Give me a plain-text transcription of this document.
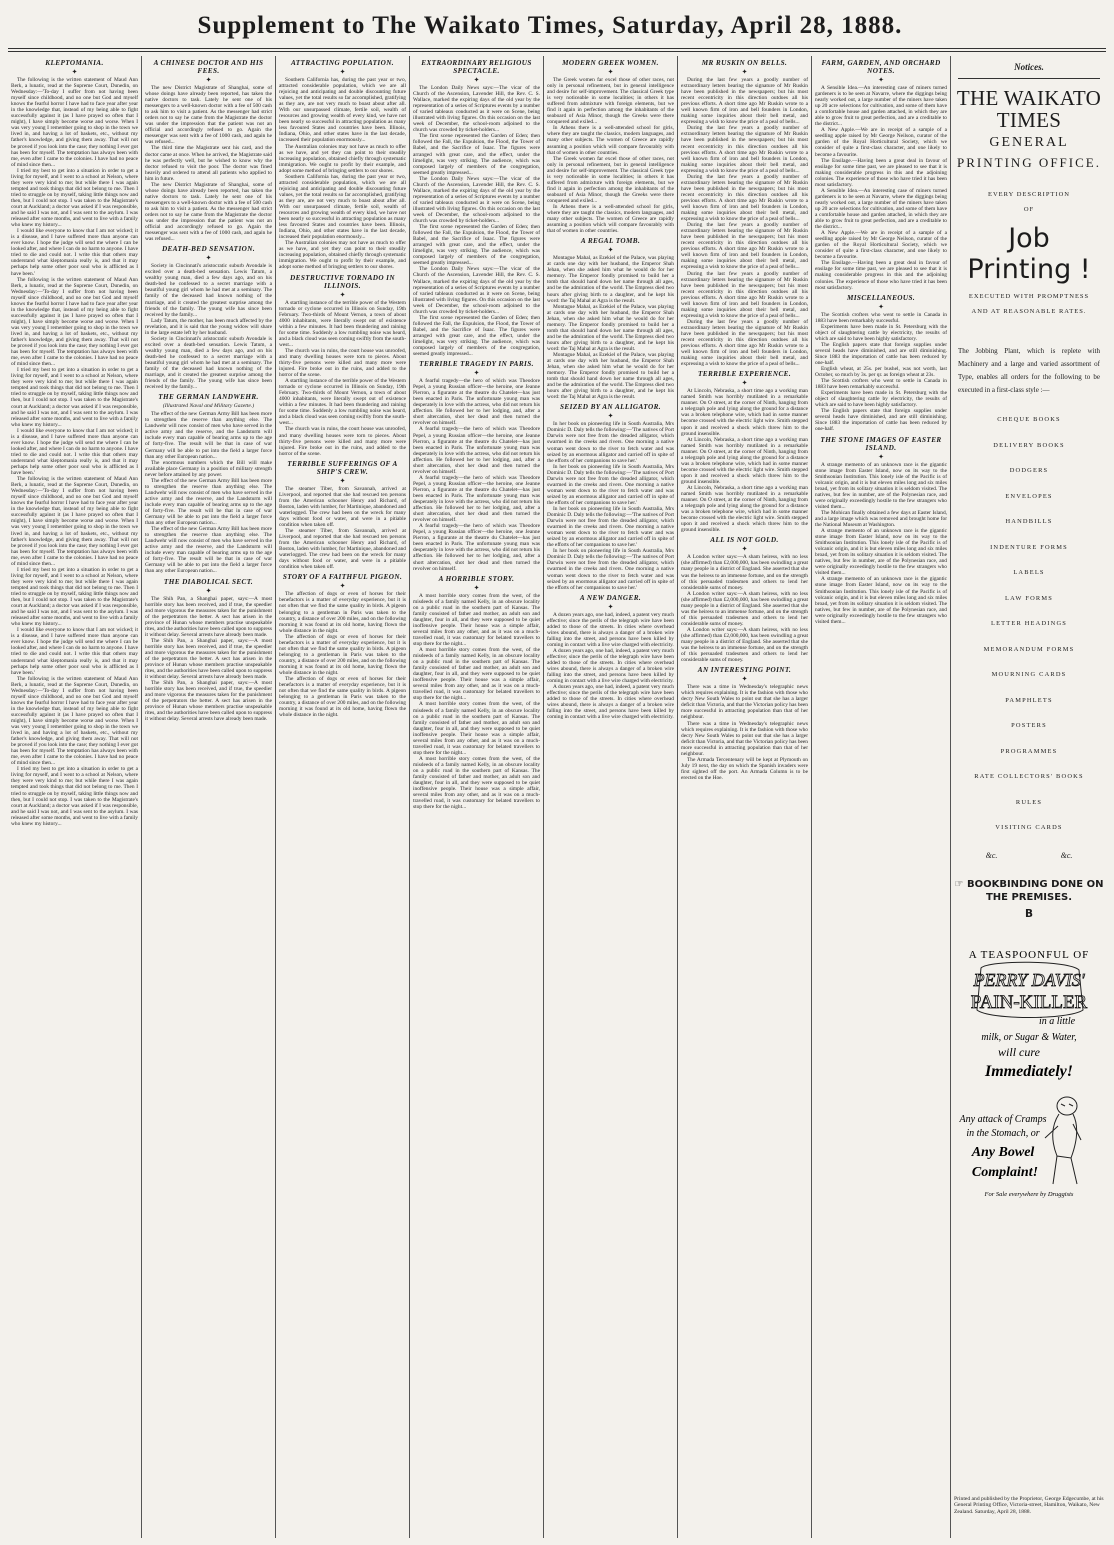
Supplement to The Waikato Times, Saturday, April 28, 1888.
KLEPTOMANIA.
✦

The following is the written statement of Maud Ann Berk, a lunatic, read at the Supreme Court, Dunedin, on Wednesday:—'To-day I suffer from not having been myself since childhood, and no one but God and myself knows the fearful horror I have had to face year after year in the knowledge that, instead of my being able to fight successfully against it (as I have prayed so often that I might), I have simply become worse and worse. When I was very young I remember going to shop in the town we lived in, and having a lot of baskets, etc., without my father's knowledge, and giving them away. That will not be proved if you look into the case; they nothing I ever got has been for myself. The temptation has always been with me, even after I came to the colonies. I have had no peace of mind since then...

I tried my best to get into a situation in order to get a living for myself, and I went to a school at Nelson, where they were very kind to me; but while there I was again tempted and took things that did not belong to me. Then I tried to struggle on by myself, taking little things now and then, but I could not stop. I was taken to the Magistrate's court at Auckland; a doctor was asked if I was responsible, and he said I was not, and I was sent to the asylum. I was released after some months, and went to live with a family who knew my history...

I would like everyone to know that I am not wicked; it is a disease, and I have suffered more than anyone can ever know. I hope the judge will send me where I can be looked after, and where I can do no harm to anyone. I have tried to die and could not. I write this that others may understand what kleptomania really is, and that it may perhaps help some other poor soul who is afflicted as I have been.'

The following is the written statement of Maud Ann Berk, a lunatic, read at the Supreme Court, Dunedin, on Wednesday:—'To-day I suffer from not having been myself since childhood, and no one but God and myself knows the fearful horror I have had to face year after year in the knowledge that, instead of my being able to fight successfully against it (as I have prayed so often that I might), I have simply become worse and worse. When I was very young I remember going to shop in the town we lived in, and having a lot of baskets, etc., without my father's knowledge, and giving them away. That will not be proved if you look into the case; they nothing I ever got has been for myself. The temptation has always been with me, even after I came to the colonies. I have had no peace of mind since then...

I tried my best to get into a situation in order to get a living for myself, and I went to a school at Nelson, where they were very kind to me; but while there I was again tempted and took things that did not belong to me. Then I tried to struggle on by myself, taking little things now and then, but I could not stop. I was taken to the Magistrate's court at Auckland; a doctor was asked if I was responsible, and he said I was not, and I was sent to the asylum. I was released after some months, and went to live with a family who knew my history...

I would like everyone to know that I am not wicked; it is a disease, and I have suffered more than anyone can ever know. I hope the judge will send me where I can be looked after, and where I can do no harm to anyone. I have tried to die and could not. I write this that others may understand what kleptomania really is, and that it may perhaps help some other poor soul who is afflicted as I have been.'

The following is the written statement of Maud Ann Berk, a lunatic, read at the Supreme Court, Dunedin, on Wednesday:—'To-day I suffer from not having been myself since childhood, and no one but God and myself knows the fearful horror I have had to face year after year in the knowledge that, instead of my being able to fight successfully against it (as I have prayed so often that I might), I have simply become worse and worse. When I was very young I remember going to shop in the town we lived in, and having a lot of baskets, etc., without my father's knowledge, and giving them away. That will not be proved if you look into the case; they nothing I ever got has been for myself. The temptation has always been with me, even after I came to the colonies. I have had no peace of mind since then...

I tried my best to get into a situation in order to get a living for myself, and I went to a school at Nelson, where they were very kind to me; but while there I was again tempted and took things that did not belong to me. Then I tried to struggle on by myself, taking little things now and then, but I could not stop. I was taken to the Magistrate's court at Auckland; a doctor was asked if I was responsible, and he said I was not, and I was sent to the asylum. I was released after some months, and went to live with a family who knew my history...

I would like everyone to know that I am not wicked; it is a disease, and I have suffered more than anyone can ever know. I hope the judge will send me where I can be looked after, and where I can do no harm to anyone. I have tried to die and could not. I write this that others may understand what kleptomania really is, and that it may perhaps help some other poor soul who is afflicted as I have been.'

The following is the written statement of Maud Ann Berk, a lunatic, read at the Supreme Court, Dunedin, on Wednesday:—'To-day I suffer from not having been myself since childhood, and no one but God and myself knows the fearful horror I have had to face year after year in the knowledge that, instead of my being able to fight successfully against it (as I have prayed so often that I might), I have simply become worse and worse. When I was very young I remember going to shop in the town we lived in, and having a lot of baskets, etc., without my father's knowledge, and giving them away. That will not be proved if you look into the case; they nothing I ever got has been for myself. The temptation has always been with me, even after I came to the colonies. I have had no peace of mind since then...

I tried my best to get into a situation in order to get a living for myself, and I went to a school at Nelson, where they were very kind to me; but while there I was again tempted and took things that did not belong to me. Then I tried to struggle on by myself, taking little things now and then, but I could not stop. I was taken to the Magistrate's court at Auckland; a doctor was asked if I was responsible, and he said I was not, and I was sent to the asylum. I was released after some months, and went to live with a family who knew my history...

A CHINESE DOCTOR AND HIS FEES.
✦

The new District Magistrate of Shanghai, some of whose doings have already been reported, has taken the native doctors to task. Lately he sent one of his messengers to a well-known doctor with a fee of 500 cash to ask him to visit a patient. As the messenger had strict orders not to say he came from the Magistrate the doctor was under the impression that the patient was not an official and accordingly refused to go. Again the messenger was sent with a fee of 1000 cash, and again he was refused...

The third time the Magistrate sent his card, and the doctor came at once. When he arrived, the Magistrate said he was perfectly well, but he wished to know why the doctor refused to visit the poor. The doctor was fined heavily and ordered to attend all patients who applied to him in future.

The new District Magistrate of Shanghai, some of whose doings have already been reported, has taken the native doctors to task. Lately he sent one of his messengers to a well-known doctor with a fee of 500 cash to ask him to visit a patient. As the messenger had strict orders not to say he came from the Magistrate the doctor was under the impression that the patient was not an official and accordingly refused to go. Again the messenger was sent with a fee of 1000 cash, and again he was refused...

DEATH-BED SENSATION.
✦

Society in Cincinnati's aristocratic suburb Avondale is excited over a death-bed sensation. Lewis Tatum, a wealthy young man, died a few days ago, and on his death-bed he confessed to a secret marriage with a beautiful young girl whom he had met at a seminary. The family of the deceased had known nothing of the marriage, and it created the greatest surprise among the friends of the family. The young wife has since been received by the family...

Lady Tatum, the mother, has been much affected by the revelation, and it is said that the young widow will share in the large estate left by her husband.

Society in Cincinnati's aristocratic suburb Avondale is excited over a death-bed sensation. Lewis Tatum, a wealthy young man, died a few days ago, and on his death-bed he confessed to a secret marriage with a beautiful young girl whom he had met at a seminary. The family of the deceased had known nothing of the marriage, and it created the greatest surprise among the friends of the family. The young wife has since been received by the family...

THE GERMAN LANDWEHR.
(Illustrated Naval and Military Gazette.)

The effect of the new German Army Bill has been more to strengthen the reserve than anything else. The Landwehr will now consist of men who have served in the active army and the reserve, and the Landsturm will include every man capable of bearing arms up to the age of forty-five. The result will be that in case of war Germany will be able to put into the field a larger force than any other European nation...

The enormous numbers which the Bill will make available place Germany in a position of military strength never before attained by any power.

The effect of the new German Army Bill has been more to strengthen the reserve than anything else. The Landwehr will now consist of men who have served in the active army and the reserve, and the Landsturm will include every man capable of bearing arms up to the age of forty-five. The result will be that in case of war Germany will be able to put into the field a larger force than any other European nation...

The effect of the new German Army Bill has been more to strengthen the reserve than anything else. The Landwehr will now consist of men who have served in the active army and the reserve, and the Landsturm will include every man capable of bearing arms up to the age of forty-five. The result will be that in case of war Germany will be able to put into the field a larger force than any other European nation...

THE DIABOLICAL SECT.
✦

The Shih Pan, a Shanghai paper, says:—A most horrible story has been received, and if true, the speedier and more vigorous the measures taken for the punishment of the perpetrators the better. A sect has arisen in the province of Hunan whose members practise unspeakable rites, and the authorities have been called upon to suppress it without delay. Several arrests have already been made.

The Shih Pan, a Shanghai paper, says:—A most horrible story has been received, and if true, the speedier and more vigorous the measures taken for the punishment of the perpetrators the better. A sect has arisen in the province of Hunan whose members practise unspeakable rites, and the authorities have been called upon to suppress it without delay. Several arrests have already been made.

The Shih Pan, a Shanghai paper, says:—A most horrible story has been received, and if true, the speedier and more vigorous the measures taken for the punishment of the perpetrators the better. A sect has arisen in the province of Hunan whose members practise unspeakable rites, and the authorities have been called upon to suppress it without delay. Several arrests have already been made.

ATTRACTING POPULATION.
✦

Southern California has, during the past year or two, attracted considerable population, which we are all rejoicing and anticipating and double discounting future values, yet the total results so far accomplished, gratifying as they are, are not very much to boast about after all. With our unsurpassed climate, fertile soil, wealth of resources and growing wealth of every kind, we have not been nearly so successful in attracting population as many less favoured States and countries have been. Illinois, Indiana, Ohio, and other states have in the last decade, increased their population enormously...

The Australian colonies may not have as much to offer as we have, and yet they can point to their steadily increasing population, obtained chiefly through systematic immigration. We ought to profit by their example, and adopt some method of bringing settlers to our shores.

Southern California has, during the past year or two, attracted considerable population, which we are all rejoicing and anticipating and double discounting future values, yet the total results so far accomplished, gratifying as they are, are not very much to boast about after all. With our unsurpassed climate, fertile soil, wealth of resources and growing wealth of every kind, we have not been nearly so successful in attracting population as many less favoured States and countries have been. Illinois, Indiana, Ohio, and other states have in the last decade, increased their population enormously...

The Australian colonies may not have as much to offer as we have, and yet they can point to their steadily increasing population, obtained chiefly through systematic immigration. We ought to profit by their example, and adopt some method of bringing settlers to our shores.

DESTRUCTIVE TORNADO IN ILLINOIS.
✦

A startling instance of the terrible power of the Western tornado or cyclone occurred in Illinois on Sunday, 19th February. Two-thirds of Mount Vernon, a town of about 4000 inhabitants, were literally swept out of existence within a few minutes. It had been thundering and raining for some time. Suddenly a low rumbling noise was heard, and a black cloud was seen coming swiftly from the south-west...

The church was in ruins, the court house was unroofed, and many dwelling houses were torn to pieces. About thirty-five persons were killed and many more were injured. Fire broke out in the ruins, and added to the horror of the scene.

A startling instance of the terrible power of the Western tornado or cyclone occurred in Illinois on Sunday, 19th February. Two-thirds of Mount Vernon, a town of about 4000 inhabitants, were literally swept out of existence within a few minutes. It had been thundering and raining for some time. Suddenly a low rumbling noise was heard, and a black cloud was seen coming swiftly from the south-west...

The church was in ruins, the court house was unroofed, and many dwelling houses were torn to pieces. About thirty-five persons were killed and many more were injured. Fire broke out in the ruins, and added to the horror of the scene.

TERRIBLE SUFFERINGS OF A SHIP'S CREW.
✦

The steamer Tiber, from Savannah, arrived at Liverpool, and reported that she had rescued ten persons from the American schooner Henry and Richard, of Boston, laden with lumber, for Martinique, abandoned and waterlogged. The crew had been on the wreck for many days without food or water, and were in a pitiable condition when taken off.

The steamer Tiber, from Savannah, arrived at Liverpool, and reported that she had rescued ten persons from the American schooner Henry and Richard, of Boston, laden with lumber, for Martinique, abandoned and waterlogged. The crew had been on the wreck for many days without food or water, and were in a pitiable condition when taken off.

STORY OF A FAITHFUL PIGEON.
✦

The affection of dogs or even of horses for their benefactors is a matter of everyday experience, but it is not often that we find the same quality in birds. A pigeon belonging to a gentleman in Paris was taken to the country, a distance of over 200 miles, and on the following morning it was found at its old home, having flown the whole distance in the night.

The affection of dogs or even of horses for their benefactors is a matter of everyday experience, but it is not often that we find the same quality in birds. A pigeon belonging to a gentleman in Paris was taken to the country, a distance of over 200 miles, and on the following morning it was found at its old home, having flown the whole distance in the night.

The affection of dogs or even of horses for their benefactors is a matter of everyday experience, but it is not often that we find the same quality in birds. A pigeon belonging to a gentleman in Paris was taken to the country, a distance of over 200 miles, and on the following morning it was found at its old home, having flown the whole distance in the night.

EXTRAORDINARY RELIGIOUS SPECTACLE.
✦

The London Daily News says:—The vicar of the Church of the Ascension, Lavender Hill, the Rev. C. S. Wallace, marked the expiring days of the old year by the representation of a series of Scriptures events by a number of varied tableaux conducted as it were on Scene, being illustrated with living figures. On this occasion on the last week of December, the school-room adjoined to the church was crowded by ticket-holders...

The first scene represented the Garden of Eden; then followed the Fall, the Expulsion, the Flood, the Tower of Babel, and the Sacrifice of Isaac. The figures were arranged with great care, and the effect, under the limelight, was very striking. The audience, which was composed largely of members of the congregation, seemed greatly impressed...

The London Daily News says:—The vicar of the Church of the Ascension, Lavender Hill, the Rev. C. S. Wallace, marked the expiring days of the old year by the representation of a series of Scriptures events by a number of varied tableaux conducted as it were on Scene, being illustrated with living figures. On this occasion on the last week of December, the school-room adjoined to the church was crowded by ticket-holders...

The first scene represented the Garden of Eden; then followed the Fall, the Expulsion, the Flood, the Tower of Babel, and the Sacrifice of Isaac. The figures were arranged with great care, and the effect, under the limelight, was very striking. The audience, which was composed largely of members of the congregation, seemed greatly impressed...

The London Daily News says:—The vicar of the Church of the Ascension, Lavender Hill, the Rev. C. S. Wallace, marked the expiring days of the old year by the representation of a series of Scriptures events by a number of varied tableaux conducted as it were on Scene, being illustrated with living figures. On this occasion on the last week of December, the school-room adjoined to the church was crowded by ticket-holders...

The first scene represented the Garden of Eden; then followed the Fall, the Expulsion, the Flood, the Tower of Babel, and the Sacrifice of Isaac. The figures were arranged with great care, and the effect, under the limelight, was very striking. The audience, which was composed largely of members of the congregation, seemed greatly impressed...

TERRIBLE TRAGEDY IN PARIS.
✦

A fearful tragedy—the hero of which was Theodore Pepel, a young Russian officer—the heroine, one Jeanne Pierron, a figurante at the theatre du Chatelet—has just been enacted in Paris. The unfortunate young man was desperately in love with the actress, who did not return his affection. He followed her to her lodging, and, after a short altercation, shot her dead and then turned the revolver on himself.

A fearful tragedy—the hero of which was Theodore Pepel, a young Russian officer—the heroine, one Jeanne Pierron, a figurante at the theatre du Chatelet—has just been enacted in Paris. The unfortunate young man was desperately in love with the actress, who did not return his affection. He followed her to her lodging, and, after a short altercation, shot her dead and then turned the revolver on himself.

A fearful tragedy—the hero of which was Theodore Pepel, a young Russian officer—the heroine, one Jeanne Pierron, a figurante at the theatre du Chatelet—has just been enacted in Paris. The unfortunate young man was desperately in love with the actress, who did not return his affection. He followed her to her lodging, and, after a short altercation, shot her dead and then turned the revolver on himself.

A fearful tragedy—the hero of which was Theodore Pepel, a young Russian officer—the heroine, one Jeanne Pierron, a figurante at the theatre du Chatelet—has just been enacted in Paris. The unfortunate young man was desperately in love with the actress, who did not return his affection. He followed her to her lodging, and, after a short altercation, shot her dead and then turned the revolver on himself.

A HORRIBLE STORY.
✦

A most horrible story comes from the west, of the misdeeds of a family named Kelly, in an obscure locality on a public road in the southern part of Kansas. The family consisted of father and mother, an adult son and daughter, four in all, and they were supposed to be quiet inoffensive people. Their house was a simple affair, several miles from any other, and as it was on a much-travelled road, it was customary for belated travellers to stop there for the night...

A most horrible story comes from the west, of the misdeeds of a family named Kelly, in an obscure locality on a public road in the southern part of Kansas. The family consisted of father and mother, an adult son and daughter, four in all, and they were supposed to be quiet inoffensive people. Their house was a simple affair, several miles from any other, and as it was on a much-travelled road, it was customary for belated travellers to stop there for the night...

A most horrible story comes from the west, of the misdeeds of a family named Kelly, in an obscure locality on a public road in the southern part of Kansas. The family consisted of father and mother, an adult son and daughter, four in all, and they were supposed to be quiet inoffensive people. Their house was a simple affair, several miles from any other, and as it was on a much-travelled road, it was customary for belated travellers to stop there for the night...

A most horrible story comes from the west, of the misdeeds of a family named Kelly, in an obscure locality on a public road in the southern part of Kansas. The family consisted of father and mother, an adult son and daughter, four in all, and they were supposed to be quiet inoffensive people. Their house was a simple affair, several miles from any other, and as it was on a much-travelled road, it was customary for belated travellers to stop there for the night...

MODERN GREEK WOMEN.
✦

The Greek women far excel those of other races, not only in personal refinement, but in general intelligence and desire for self-improvement. The classical Greek type is very noticeable in some localities; in others it has suffered from admixture with foreign elements, but we find it again in perfection among the inhabitants of the seaboard of Asia Minor, though the Greeks were there conquered and exiled...

In Athens there is a well-attended school for girls, where they are taught the classics, modern languages, and many other subjects. The women of Greece are rapidly assuming a position which will compare favourably with that of women in other countries.

The Greek women far excel those of other races, not only in personal refinement, but in general intelligence and desire for self-improvement. The classical Greek type is very noticeable in some localities; in others it has suffered from admixture with foreign elements, but we find it again in perfection among the inhabitants of the seaboard of Asia Minor, though the Greeks were there conquered and exiled...

In Athens there is a well-attended school for girls, where they are taught the classics, modern languages, and many other subjects. The women of Greece are rapidly assuming a position which will compare favourably with that of women in other countries.

A REGAL TOMB.
✦

Montague Mahal, as Ezekiel of the Palace, was playing at cards one day with her husband, the Emperor Shah Jehan, when she asked him what he would do for her memory. The Emperor fondly promised to build her a tomb that should hand down her name through all ages, and be the admiration of the world. The Empress died two hours after giving birth to a daughter, and he kept his word: the Taj Mahal at Agra is the result.

Montague Mahal, as Ezekiel of the Palace, was playing at cards one day with her husband, the Emperor Shah Jehan, when she asked him what he would do for her memory. The Emperor fondly promised to build her a tomb that should hand down her name through all ages, and be the admiration of the world. The Empress died two hours after giving birth to a daughter, and he kept his word: the Taj Mahal at Agra is the result.

Montague Mahal, as Ezekiel of the Palace, was playing at cards one day with her husband, the Emperor Shah Jehan, when she asked him what he would do for her memory. The Emperor fondly promised to build her a tomb that should hand down her name through all ages, and be the admiration of the world. The Empress died two hours after giving birth to a daughter, and he kept his word: the Taj Mahal at Agra is the result.

SEIZED BY AN ALLIGATOR.
✦

In her book on pioneering life in South Australia, Mrs Dominic D. Daly tells the following:—'The natives of Port Darwin were not free from the dreaded alligator, which swarmed in the creeks and rivers. One morning a native woman went down to the river to fetch water and was seized by an enormous alligator and carried off in spite of the efforts of her companions to save her.'

In her book on pioneering life in South Australia, Mrs Dominic D. Daly tells the following:—'The natives of Port Darwin were not free from the dreaded alligator, which swarmed in the creeks and rivers. One morning a native woman went down to the river to fetch water and was seized by an enormous alligator and carried off in spite of the efforts of her companions to save her.'

In her book on pioneering life in South Australia, Mrs Dominic D. Daly tells the following:—'The natives of Port Darwin were not free from the dreaded alligator, which swarmed in the creeks and rivers. One morning a native woman went down to the river to fetch water and was seized by an enormous alligator and carried off in spite of the efforts of her companions to save her.'

In her book on pioneering life in South Australia, Mrs Dominic D. Daly tells the following:—'The natives of Port Darwin were not free from the dreaded alligator, which swarmed in the creeks and rivers. One morning a native woman went down to the river to fetch water and was seized by an enormous alligator and carried off in spite of the efforts of her companions to save her.'

A NEW DANGER.
✦

A dozen years ago, one had, indeed, a patent very much effective; since the perils of the telegraph wire have been added to those of the streets. In cities where overhead wires abound, there is always a danger of a broken wire falling into the street, and persons have been killed by coming in contact with a live wire charged with electricity.

A dozen years ago, one had, indeed, a patent very much effective; since the perils of the telegraph wire have been added to those of the streets. In cities where overhead wires abound, there is always a danger of a broken wire falling into the street, and persons have been killed by coming in contact with a live wire charged with electricity.

A dozen years ago, one had, indeed, a patent very much effective; since the perils of the telegraph wire have been added to those of the streets. In cities where overhead wires abound, there is always a danger of a broken wire falling into the street, and persons have been killed by coming in contact with a live wire charged with electricity.

MR RUSKIN ON BELLS.
✦

During the last few years a goodly number of extraordinary letters bearing the signature of Mr Ruskin have been published in the newspapers; but his most recent eccentricity in this direction outdoes all his previous efforts. A short time ago Mr Ruskin wrote to a well known firm of iron and bell founders in London, making some inquiries about their bell metal, and expressing a wish to know the price of a peal of bells...

During the last few years a goodly number of extraordinary letters bearing the signature of Mr Ruskin have been published in the newspapers; but his most recent eccentricity in this direction outdoes all his previous efforts. A short time ago Mr Ruskin wrote to a well known firm of iron and bell founders in London, making some inquiries about their bell metal, and expressing a wish to know the price of a peal of bells...

During the last few years a goodly number of extraordinary letters bearing the signature of Mr Ruskin have been published in the newspapers; but his most recent eccentricity in this direction outdoes all his previous efforts. A short time ago Mr Ruskin wrote to a well known firm of iron and bell founders in London, making some inquiries about their bell metal, and expressing a wish to know the price of a peal of bells...

During the last few years a goodly number of extraordinary letters bearing the signature of Mr Ruskin have been published in the newspapers; but his most recent eccentricity in this direction outdoes all his previous efforts. A short time ago Mr Ruskin wrote to a well known firm of iron and bell founders in London, making some inquiries about their bell metal, and expressing a wish to know the price of a peal of bells...

During the last few years a goodly number of extraordinary letters bearing the signature of Mr Ruskin have been published in the newspapers; but his most recent eccentricity in this direction outdoes all his previous efforts. A short time ago Mr Ruskin wrote to a well known firm of iron and bell founders in London, making some inquiries about their bell metal, and expressing a wish to know the price of a peal of bells...

During the last few years a goodly number of extraordinary letters bearing the signature of Mr Ruskin have been published in the newspapers; but his most recent eccentricity in this direction outdoes all his previous efforts. A short time ago Mr Ruskin wrote to a well known firm of iron and bell founders in London, making some inquiries about their bell metal, and expressing a wish to know the price of a peal of bells...

TERRIBLE EXPERIENCE.
✦

At Lincoln, Nebraska, a short time ago a working man named Smith was horribly mutilated in a remarkable manner. On O street, at the corner of Ninth, hanging from a telegraph pole and lying along the ground for a distance was a broken telephone wire, which had in some manner become crossed with the electric light wire. Smith stepped upon it and received a shock which threw him to the ground insensible.

At Lincoln, Nebraska, a short time ago a working man named Smith was horribly mutilated in a remarkable manner. On O street, at the corner of Ninth, hanging from a telegraph pole and lying along the ground for a distance was a broken telephone wire, which had in some manner become crossed with the electric light wire. Smith stepped upon it and received a shock which threw him to the ground insensible.

At Lincoln, Nebraska, a short time ago a working man named Smith was horribly mutilated in a remarkable manner. On O street, at the corner of Ninth, hanging from a telegraph pole and lying along the ground for a distance was a broken telephone wire, which had in some manner become crossed with the electric light wire. Smith stepped upon it and received a shock which threw him to the ground insensible.

ALL IS NOT GOLD.
✦

A London writer says:—A sham heiress, with no less (she affirmed) than £2,000,000, has been swindling a great many people in a district of England. She asserted that she was the heiress to an immense fortune, and on the strength of this persuaded tradesmen and others to lend her considerable sums of money.

A London writer says:—A sham heiress, with no less (she affirmed) than £2,000,000, has been swindling a great many people in a district of England. She asserted that she was the heiress to an immense fortune, and on the strength of this persuaded tradesmen and others to lend her considerable sums of money.

A London writer says:—A sham heiress, with no less (she affirmed) than £2,000,000, has been swindling a great many people in a district of England. She asserted that she was the heiress to an immense fortune, and on the strength of this persuaded tradesmen and others to lend her considerable sums of money.

AN INTERESTING POINT.
✦

There was a time in Wednesday's telegraphic news which requires explaining. It is the fashion with those who decry New South Wales to point out that she has a larger deficit than Victoria, and that the Victorian policy has been more successful in attracting population than that of her neighbour.

There was a time in Wednesday's telegraphic news which requires explaining. It is the fashion with those who decry New South Wales to point out that she has a larger deficit than Victoria, and that the Victorian policy has been more successful in attracting population than that of her neighbour.

The Armada Tercentenary will be kept at Plymouth on July 19 next, the day on which the Spanish invaders were first sighted off the port. An Armada Column is to be erected on the Hoe.

FARM, GARDEN, AND ORCHARD NOTES.
✦

A Sensible Idea.—An interesting case of miners turned gardeners is to be seen at Navarre, where the diggings being nearly worked out, a large number of the miners have taken up 20 acre selections for cultivation, and some of them have a comfortable house and garden attached, in which they are able to grow fruit to great perfection, and are a creditable to the district...

A New Apple.—We are in receipt of a sample of a seedling apple raised by Mr George Neilson, curator of the garden of the Royal Horticultural Society, which we consider of quite a first-class character, and one likely to become a favourite.

The Ensilage.—Having been a great deal in favour of ensilage for some time past, we are pleased to see that it is making considerable progress in this and the adjoining colonies. The experience of those who have tried it has been most satisfactory.

A Sensible Idea.—An interesting case of miners turned gardeners is to be seen at Navarre, where the diggings being nearly worked out, a large number of the miners have taken up 20 acre selections for cultivation, and some of them have a comfortable house and garden attached, in which they are able to grow fruit to great perfection, and are a creditable to the district...

A New Apple.—We are in receipt of a sample of a seedling apple raised by Mr George Neilson, curator of the garden of the Royal Horticultural Society, which we consider of quite a first-class character, and one likely to become a favourite.

The Ensilage.—Having been a great deal in favour of ensilage for some time past, we are pleased to see that it is making considerable progress in this and the adjoining colonies. The experience of those who have tried it has been most satisfactory.

MISCELLANEOUS.
✦

The Scottish crofters who went to settle in Canada in 1883 have been remarkably successful.

Experiments have been made in St. Petersburg with the object of slaughtering cattle by electricity, the results of which are said to have been highly satisfactory.

The English papers state that foreign supplies under several heads have diminished, and are still diminishing. Since 1883 the importation of cattle has been reduced by one-half.

English wheat, at 25s. per bushel, was not worth, last October, so much by 3s. per qr. as foreign wheat at 23s.

The Scottish crofters who went to settle in Canada in 1883 have been remarkably successful.

Experiments have been made in St. Petersburg with the object of slaughtering cattle by electricity, the results of which are said to have been highly satisfactory.

The English papers state that foreign supplies under several heads have diminished, and are still diminishing. Since 1883 the importation of cattle has been reduced by one-half.

THE STONE IMAGES OF EASTER ISLAND.
✦

A strange memento of an unknown race is the gigantic stone image from Easter Island, now on its way to the Smithsonian Institution. This lonely isle of the Pacific is of volcanic origin, and it is but eleven miles long and six miles broad, yet from its solitary situation it is seldom visited. The natives, but few in number, are of the Polynesian race, and were originally exceedingly hostile to the few strangers who visited them...

The Mohican finally obtained a few days at Easter Island, and a large image which was removed and brought home for the National Museum at Washington.

A strange memento of an unknown race is the gigantic stone image from Easter Island, now on its way to the Smithsonian Institution. This lonely isle of the Pacific is of volcanic origin, and it is but eleven miles long and six miles broad, yet from its solitary situation it is seldom visited. The natives, but few in number, are of the Polynesian race, and were originally exceedingly hostile to the few strangers who visited them...

A strange memento of an unknown race is the gigantic stone image from Easter Island, now on its way to the Smithsonian Institution. This lonely isle of the Pacific is of volcanic origin, and it is but eleven miles long and six miles broad, yet from its solitary situation it is seldom visited. The natives, but few in number, are of the Polynesian race, and were originally exceedingly hostile to the few strangers who visited them...

Notices.
THE WAIKATO TIMES
GENERAL
PRINTING OFFICE.
EVERY DESCRIPTION
OF
Job Printing !
EXECUTED WITH PROMPTNESS
AND AT REASONABLE RATES.
The Jobbing Plant, which is replete with Machinery and a large and varied assortment of Type, enables all orders for the following to be executed in a first-class style :—
CHEQUE BOOKS
DELIVERY BOOKS
DODGERS
ENVELOPES
HANDBILLS
INDENTURE FORMS
LABELS
LAW FORMS
LETTER HEADINGS
MEMORANDUM FORMS
MOURNING CARDS
PAMPHLETS
POSTERS
PROGRAMMES
RATE COLLECTORS' BOOKS
RULES
VISITING CARDS
&c.	&c.
☞ BOOKBINDING DONE ON THE PREMISES.
B
A TEASPOONFUL OF
PERRY DAVIS'
PAIN-KILLER
in a little
milk, or Sugar & Water,
will cure
Immediately!
Any attack of Cramps
in the Stomach, or
Any Bowel
Complaint!
For Sale everywhere by Druggists
Printed and published by the Proprietor, George Edgecumbe, at his General Printing Office, Victoria-street, Hamilton, Waikato, New Zealand. Saturday, April 28, 1888.
